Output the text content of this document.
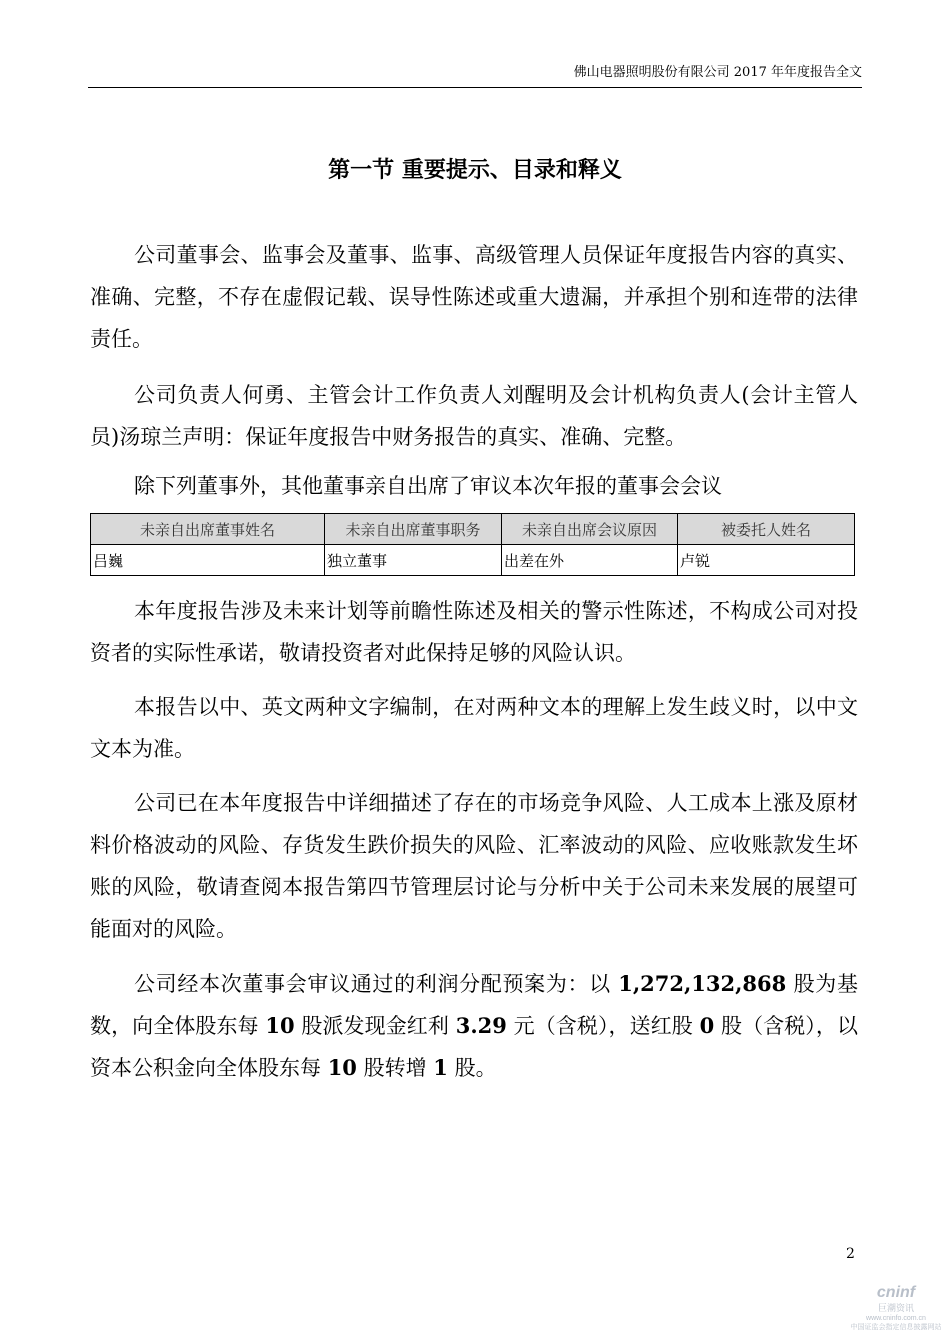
佛山电器照明股份有限公司 2017 年年度报告全文
第一节 重要提示、目录和释义

公司董事会、监事会及董事、监事、高级管理人员保证年度报告内容的真实、准确、完整，不存在虚假记载、误导性陈述或重大遗漏，并承担个别和连带的法律责任。

公司负责人何勇、主管会计工作负责人刘醒明及会计机构负责人(会计主管人员)汤琼兰声明：保证年度报告中财务报告的真实、准确、完整。

除下列董事外，其他董事亲自出席了审议本次年报的董事会会议

未亲自出席董事姓名	未亲自出席董事职务	未亲自出席会议原因	被委托人姓名
吕巍	独立董事	出差在外	卢锐

本年度报告涉及未来计划等前瞻性陈述及相关的警示性陈述，不构成公司对投资者的实际性承诺，敬请投资者对此保持足够的风险认识。

本报告以中、英文两种文字编制，在对两种文本的理解上发生歧义时，以中文文本为准。

公司已在本年度报告中详细描述了存在的市场竞争风险、人工成本上涨及原材料价格波动的风险、存货发生跌价损失的风险、汇率波动的风险、应收账款发生坏账的风险，敬请查阅本报告第四节管理层讨论与分析中关于公司未来发展的展望可能面对的风险。

公司经本次董事会审议通过的利润分配预案为：以 1,272,132,868 股为基数，向全体股东每 10 股派发现金红利 3.29 元（含税），送红股 0 股（含税），以资本公积金向全体股东每 10 股转增 1 股。

2
cninf
巨潮资讯
www.cninfo.com.cn
中国证监会指定信息披露网站
